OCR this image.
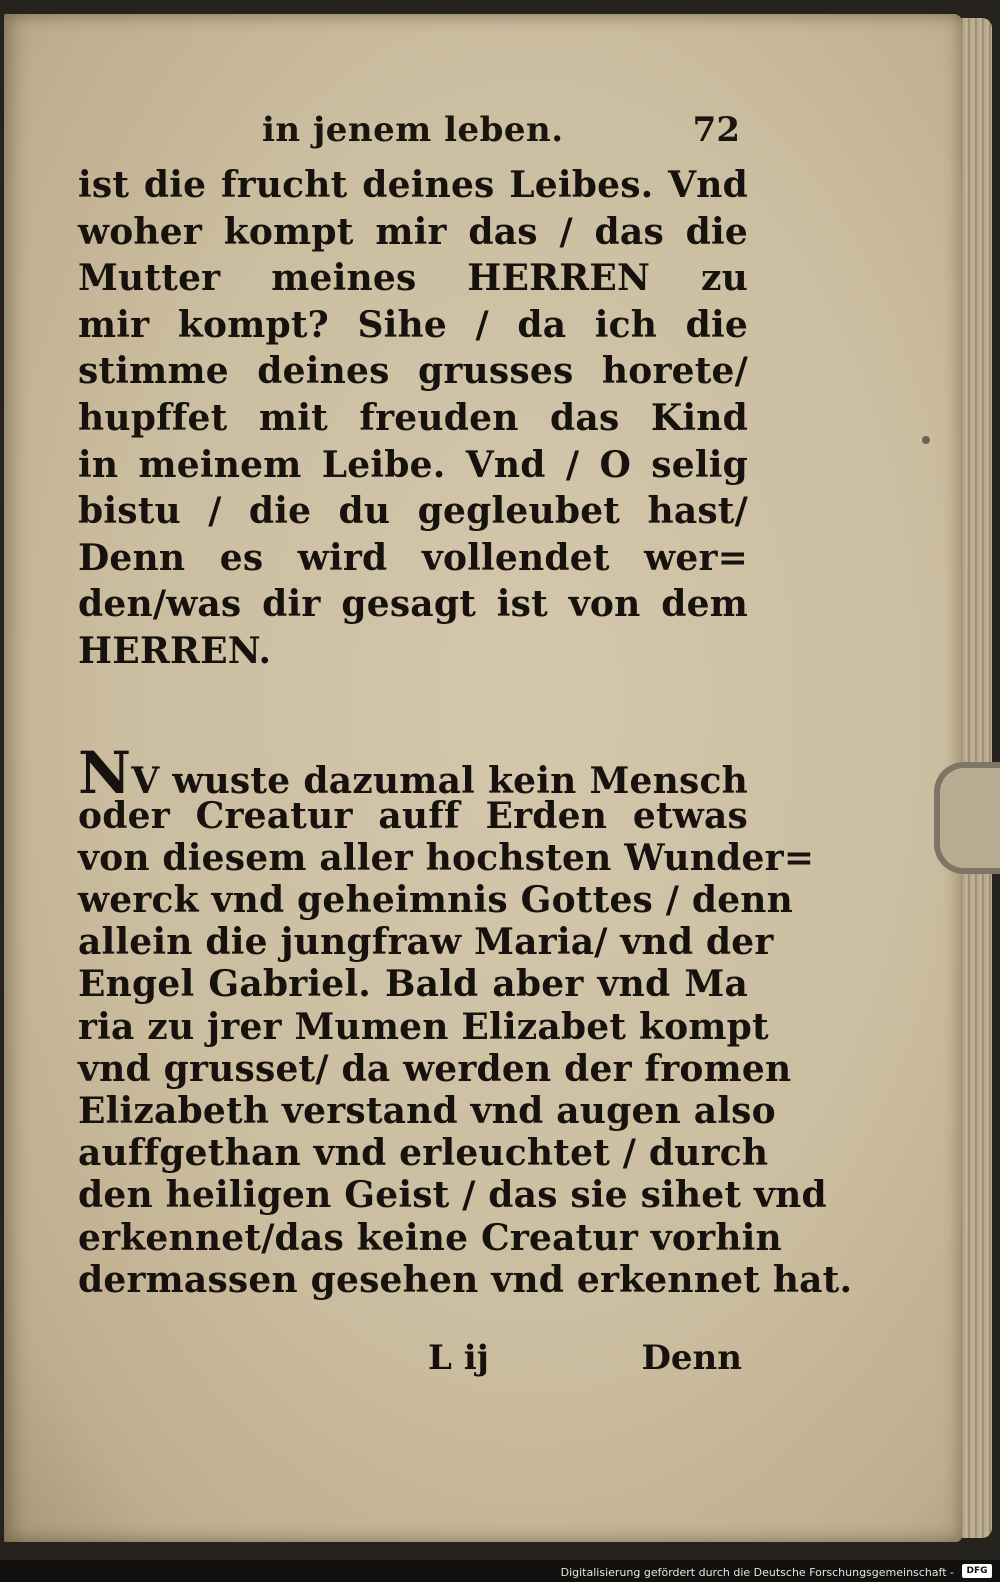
in jenem leben.	72
ist die frucht deines Leibes. Vnd
woher kompt mir das / das die
Mutter meines HERREN zu
mir kompt? Sihe / da ich die
stimme deines grusses horete/
hupffet mit freuden das Kind
in meinem Leibe. Vnd / O selig
bistu / die du gegleubet hast/
Denn es wird vollendet wer=
den/was dir gesagt ist von dem
HERREN.
NV wuste dazumal kein Mensch
oder Creatur auff Erden etwas
von diesem aller hochsten Wunder=
werck vnd geheimnis Gottes / denn
allein die jungfraw Maria/ vnd der
Engel Gabriel. Bald aber vnd Ma
ria zu jrer Mumen Elizabet kompt
vnd grusset/ da werden der fromen
Elizabeth verstand vnd augen also
auffgethan vnd erleuchtet / durch
den heiligen Geist / das sie sihet vnd
erkennet/das keine Creatur vorhin
dermassen gesehen vnd erkennet hat.
L ij	Denn
Digitalisierung gefördert durch die Deutsche Forschungsgemeinschaft -	DFG
